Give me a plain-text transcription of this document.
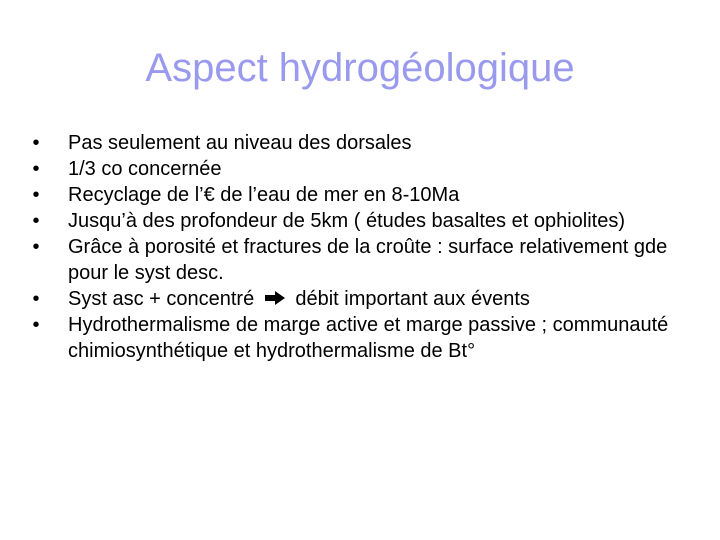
Aspect hydrogéologique
• Pas seulement au niveau des dorsales
• 1/3 co concernée
• Recyclage de l’€ de l’eau de mer en 8-10Ma
• Jusqu’à des profondeur de 5km ( études basaltes et ophiolites)
• Grâce à porosité et fractures de la croûte : surface relativement gde pour le syst desc.
• Syst asc + concentré débit important aux évents
• Hydrothermalisme de marge active et marge passive ; communauté chimiosynthétique et hydrothermalisme de Bt°
